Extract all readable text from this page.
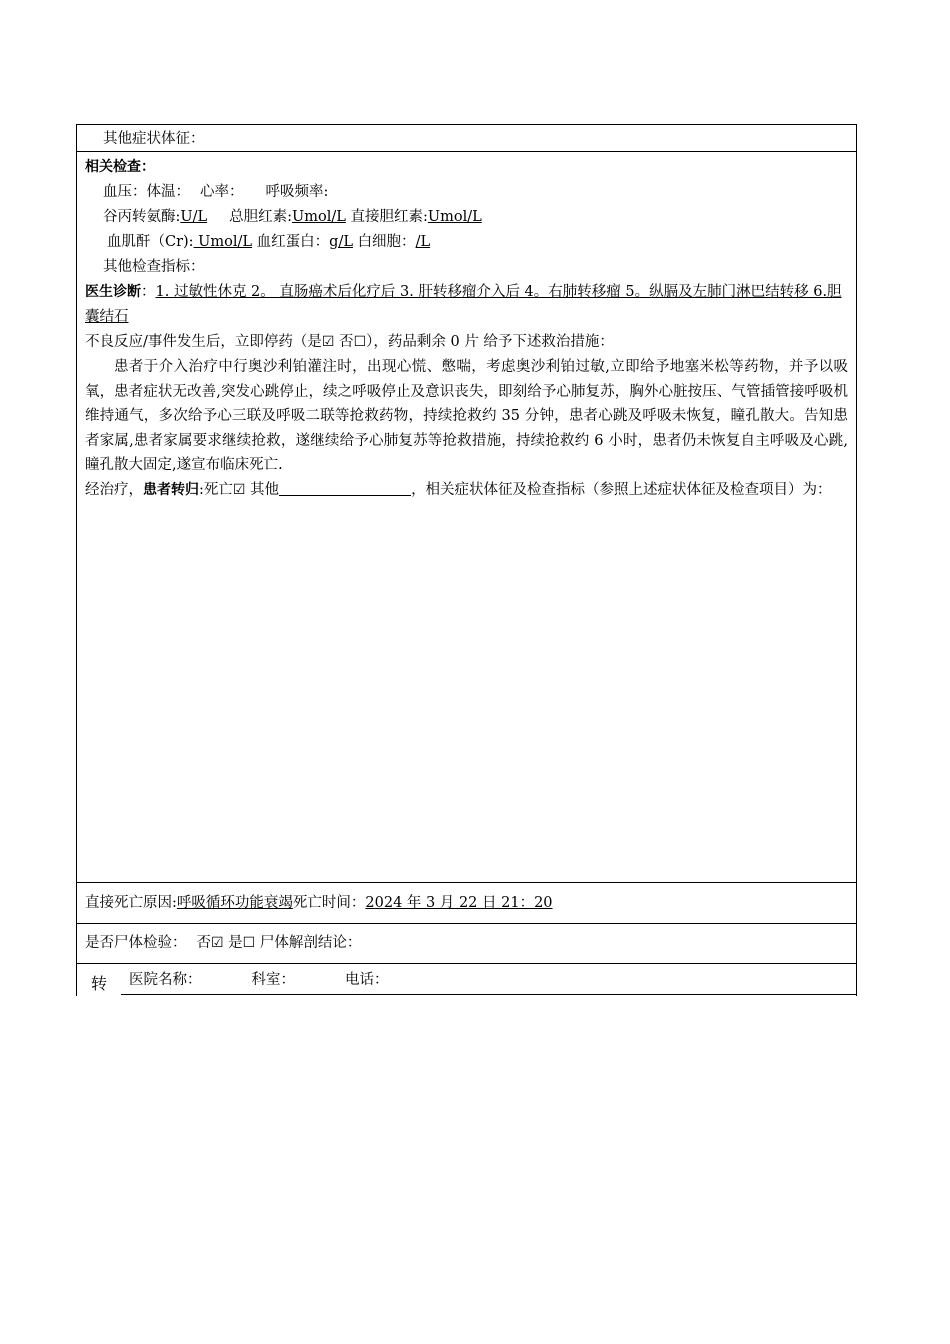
其他症状体征：
相关检查：
血压：体温： 心率： 呼吸频率:
谷丙转氨酶:U/L 总胆红素:Umol/L 直接胆红素:Umol/L
血肌酐（Cr): Umol/L 血红蛋白：g/L 白细胞：/L
其他检查指标：
医生诊断：1. 过敏性休克 2。 直肠癌术后化疗后 3. 肝转移瘤介入后 4。右肺转移瘤 5。纵膈及左肺门淋巴结转移 6.胆囊结石
不良反应/事件发生后，立即停药（是☑ 否☐），药品剩余 0 片 给予下述救治措施：
患者于介入治疗中行奥沙利铂灌注时，出现心慌、憋喘，考虑奥沙利铂过敏,立即给予地塞米松等药物，并予以吸氧，患者症状无改善,突发心跳停止，续之呼吸停止及意识丧失，即刻给予心肺复苏，胸外心脏按压、气管插管接呼吸机维持通气，多次给予心三联及呼吸二联等抢救药物，持续抢救约 35 分钟，患者心跳及呼吸未恢复，瞳孔散大。告知患者家属,患者家属要求继续抢救，遂继续给予心肺复苏等抢救措施，持续抢救约 6 小时，患者仍未恢复自主呼吸及心跳,瞳孔散大固定,遂宣布临床死亡.
经治疗，患者转归:死亡☑ 其他	，相关症状体征及检查指标（参照上述症状体征及检查项目）为：
直接死亡原因:呼吸循环功能衰竭死亡时间：2024 年 3 月 22 日 21：20
是否尸体检验： 否☑ 是☐ 尸体解剖结论：
转	医院名称：	科室：	电话：
